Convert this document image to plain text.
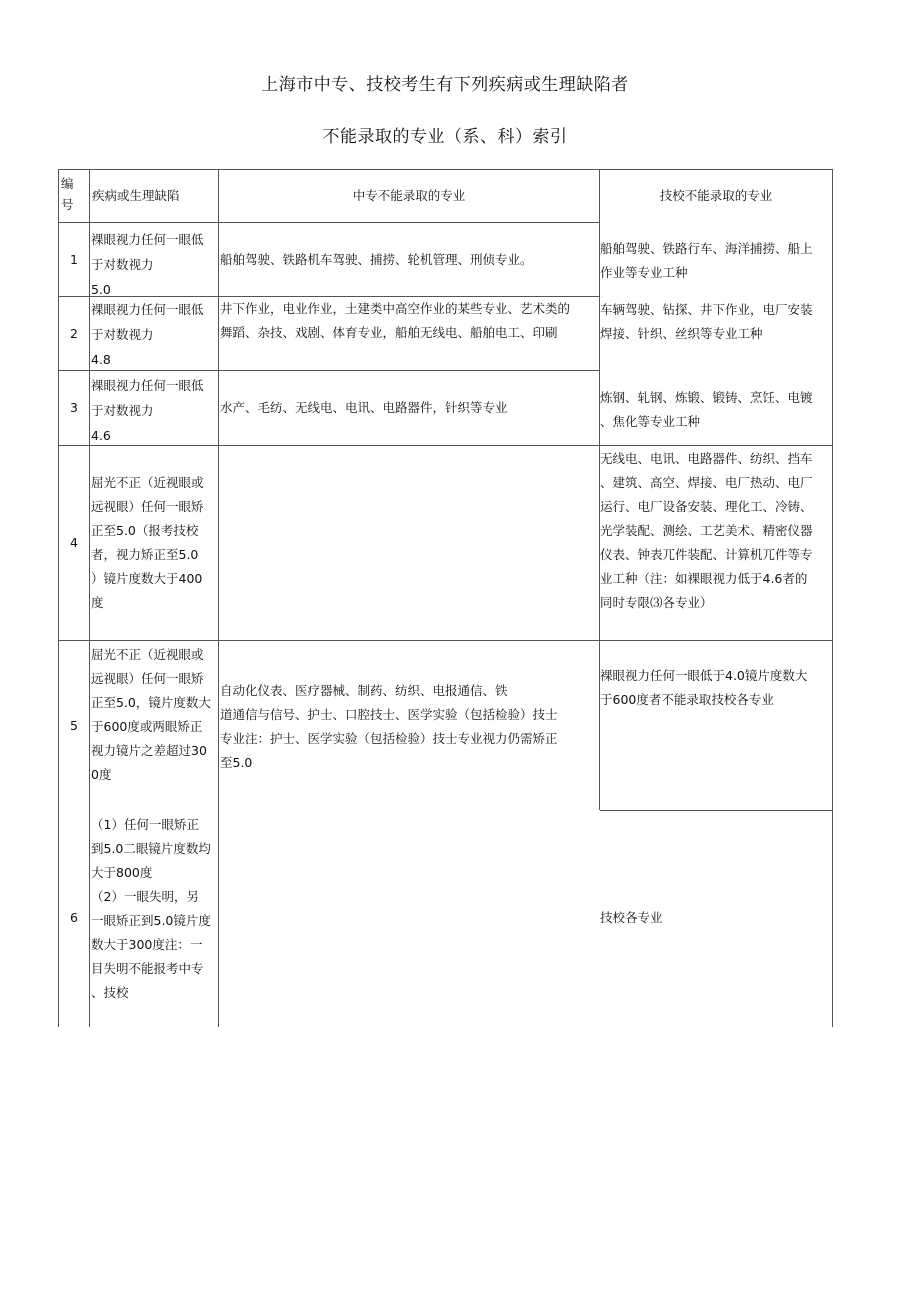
上海市中专、技校考生有下列疾病或生理缺陷者
不能录取的专业（系、科）索引
编
号
疾病或生理缺陷	中专不能录取的专业	技校不能录取的专业
1
裸眼视力任何一眼低
于对数视力
5.0
船舶驾驶、铁路机车驾驶、捕捞、轮机管理、刑侦专业。
2
裸眼视力任何一眼低
于对数视力
4.8
井下作业，电业作业，土建类中高空作业的某些专业、艺术类的
舞蹈、杂技、戏剧、体育专业，船舶无线电、船舶电工、印刷
3
裸眼视力任何一眼低
于对数视力
4.6
水产、毛纺、无线电、电讯、电路器件，针织等专业
4
屈光不正（近视眼或
远视眼）任何一眼矫
正至5.0（报考技校
者，视力矫正至5.0
）镜片度数大于400
度
5
屈光不正（近视眼或
远视眼）任何一眼矫
正至5.0，镜片度数大
于600度或两眼矫正
视力镜片之差超过30
0度
自动化仪表、医疗器械、制药、纺织、电报通信、铁
道通信与信号、护士、口腔技士、医学实验（包括检验）技士
专业注：护士、医学实验（包括检验）技士专业视力仍需矫正
至5.0
6
（1）任何一眼矫正
到5.0二眼镜片度数均
大于800度
（2）一眼失明，另
一眼矫正到5.0镜片度
数大于300度注：一
目失明不能报考中专
、技校
船舶驾驶、铁路行车、海洋捕捞、船上
作业等专业工种
车辆驾驶、钻探、井下作业，电厂安装
焊接、针织、丝织等专业工种
炼钢、轧钢、炼锻、锻铸、烹饪、电镀
、焦化等专业工种
无线电、电讯、电路器件、纺织、挡车
、建筑、高空、焊接、电厂热动、电厂
运行、电厂设备安装、理化工、冷铸、
光学装配、测绘、工艺美术、精密仪器
仪表、钟表兀件装配、计算机兀件等专
业工种（注：如裸眼视力低于4.6者的
同时专限⑶各专业）
裸眼视力任何一眼低于4.0镜片度数大
于600度者不能录取技校各专业
技校各专业
